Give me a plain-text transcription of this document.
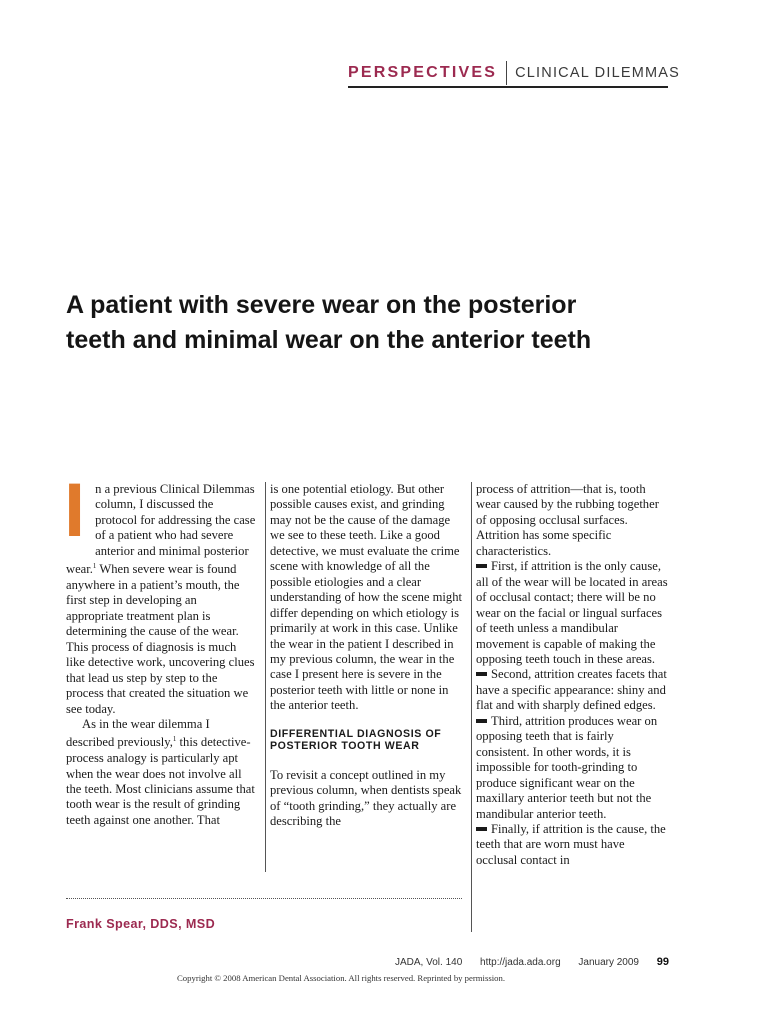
PERSPECTIVES	CLINICAL DILEMMAS
A patient with severe wear on the posterior teeth and minimal wear on the anterior teeth

In a previous Clinical Dilemmas column, I discussed the protocol for addressing the case of a patient who had severe anterior and minimal posterior wear.$^1$ When severe wear is found anywhere in a patient’s mouth, the first step in developing an appropriate treatment plan is determining the cause of the wear. This process of diagnosis is much like detective work, uncovering clues that lead us step by step to the process that created the situation we see today.

As in the wear dilemma I described previously,$^1$ this detective-process analogy is particularly apt when the wear does not involve all the teeth. Most clinicians assume that tooth wear is the result of grinding teeth against one another. That

is one potential etiology. But other possible causes exist, and grinding may not be the cause of the damage we see to these teeth. Like a good detective, we must evaluate the crime scene with knowledge of all the possible etiologies and a clear understanding of how the scene might differ depending on which etiology is primarily at work in this case. Unlike the wear in the patient I described in my previous column, the wear in the case I present here is severe in the posterior teeth with little or none in the anterior teeth.

DIFFERENTIAL DIAGNOSIS OF POSTERIOR TOOTH WEAR

To revisit a concept outlined in my previous column, when dentists speak of “tooth grinding,” they actually are describing the

process of attrition—that is, tooth wear caused by the rubbing together of opposing occlusal surfaces. Attrition has some specific characteristics.

First, if attrition is the only cause, all of the wear will be located in areas of occlusal contact; there will be no wear on the facial or lingual surfaces of teeth unless a mandibular movement is capable of making the opposing teeth touch in these areas.

Second, attrition creates facets that have a specific appearance: shiny and flat and with sharply defined edges.

Third, attrition produces wear on opposing teeth that is fairly consistent. In other words, it is impossible for tooth-grinding to produce significant wear on the maxillary anterior teeth but not the mandibular anterior teeth.

Finally, if attrition is the cause, the teeth that are worn must have occlusal contact in

Frank Spear, DDS, MSD
JADA, Vol. 140 http://jada.ada.org January 2009 99
Copyright © 2008 American Dental Association. All rights reserved. Reprinted by permission.
